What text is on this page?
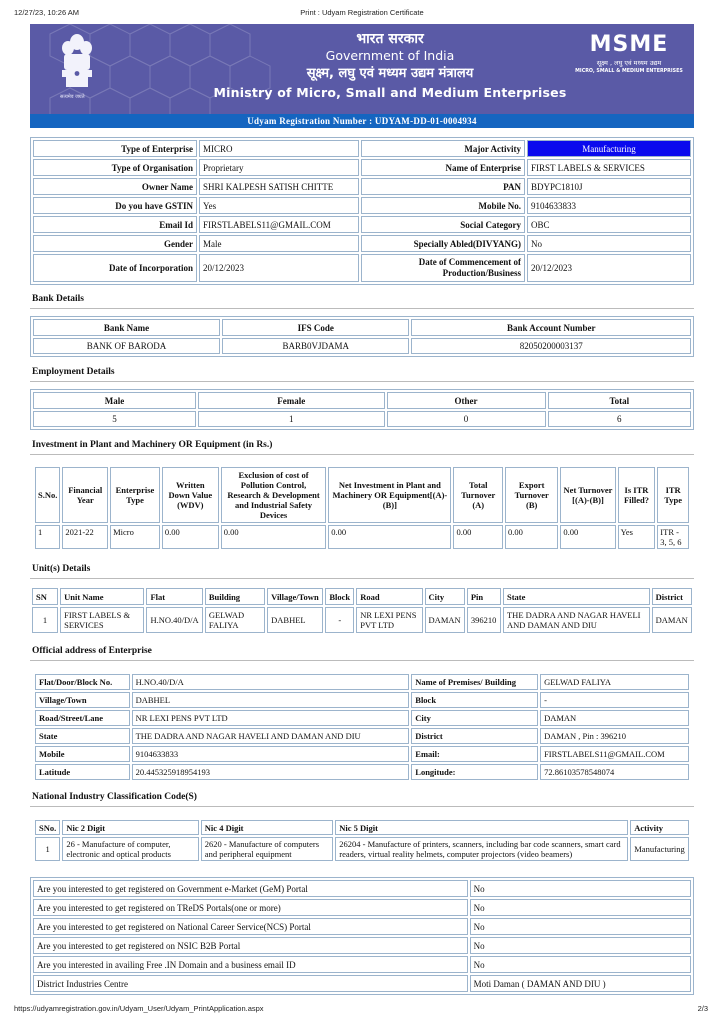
12/27/23, 10:26 AM	Print : Udyam Registration Certificate
सत्यमेव जयते
भारत सरकार
Government of India
सूक्ष्म, लघु एवं मध्यम उद्यम मंत्रालय
Ministry of Micro, Small and Medium Enterprises
MSME
सूक्ष्म , लघु एवं मध्यम उद्यम
MICRO, SMALL & MEDIUM ENTERPRISES
Udyam Registration Number : UDYAM-DD-01-0004934
Type of Enterprise	MICRO	Major Activity	Manufacturing
Type of Organisation	Proprietary	Name of Enterprise	FIRST LABELS & SERVICES
Owner Name	SHRI KALPESH SATISH CHITTE	PAN	BDYPC1810J
Do you have GSTIN	Yes	Mobile No.	9104633833
Email Id	FIRSTLABELS11@GMAIL.COM	Social Category	OBC
Gender	Male	Specially Abled(DIVYANG)	No
Date of Incorporation	20/12/2023	Date of Commencement of Production/Business	20/12/2023
Bank Details
Bank Name	IFS Code	Bank Account Number
BANK OF BARODA	BARB0VJDAMA	82050200003137
Employment Details
Male	Female	Other	Total
5	1	0	6
Investment in Plant and Machinery OR Equipment (in Rs.)
S.No.	Financial Year	Enterprise Type	Written Down Value (WDV)	Exclusion of cost of Pollution Control, Research & Development and Industrial Safety Devices	Net Investment in Plant and Machinery OR Equipment[(A)-(B)]	Total Turnover (A)	Export Turnover (B)	Net Turnover [(A)-(B)]	Is ITR Filled?	ITR Type
1	2021-22	Micro	0.00	0.00	0.00	0.00	0.00	0.00	Yes	ITR - 3, 5, 6
Unit(s) Details
SN	Unit Name	Flat	Building	Village/Town	Block	Road	City	Pin	State	District
1	FIRST LABELS & SERVICES	H.NO.40/D/A	GELWAD FALIYA	DABHEL	-	NR LEXI PENS PVT LTD	DAMAN	396210	THE DADRA AND NAGAR HAVELI AND DAMAN AND DIU	DAMAN
Official address of Enterprise
Flat/Door/Block No.	H.NO.40/D/A	Name of Premises/ Building	GELWAD FALIYA
Village/Town	DABHEL	Block	-
Road/Street/Lane	NR LEXI PENS PVT LTD	City	DAMAN
State	THE DADRA AND NAGAR HAVELI AND DAMAN AND DIU	District	DAMAN , Pin : 396210
Mobile	9104633833	Email:	FIRSTLABELS11@GMAIL.COM
Latitude	20.445325918954193	Longitude:	72.86103578548074
National Industry Classification Code(S)
SNo.	Nic 2 Digit	Nic 4 Digit	Nic 5 Digit	Activity
1	26 - Manufacture of computer, electronic and optical products	2620 - Manufacture of computers and peripheral equipment	26204 - Manufacture of printers, scanners, including bar code scanners, smart card readers, virtual reality helmets, computer projectors (video beamers)	Manufacturing
Are you interested to get registered on Government e-Market (GeM) Portal	No
Are you interested to get registered on TReDS Portals(one or more)	No
Are you interested to get registered on National Career Service(NCS) Portal	No
Are you interested to get registered on NSIC B2B Portal	No
Are you interested in availing Free .IN Domain and a business email ID	No
District Industries Centre	Moti Daman ( DAMAN AND DIU )
https://udyamregistration.gov.in/Udyam_User/Udyam_PrintApplication.aspx	2/3
